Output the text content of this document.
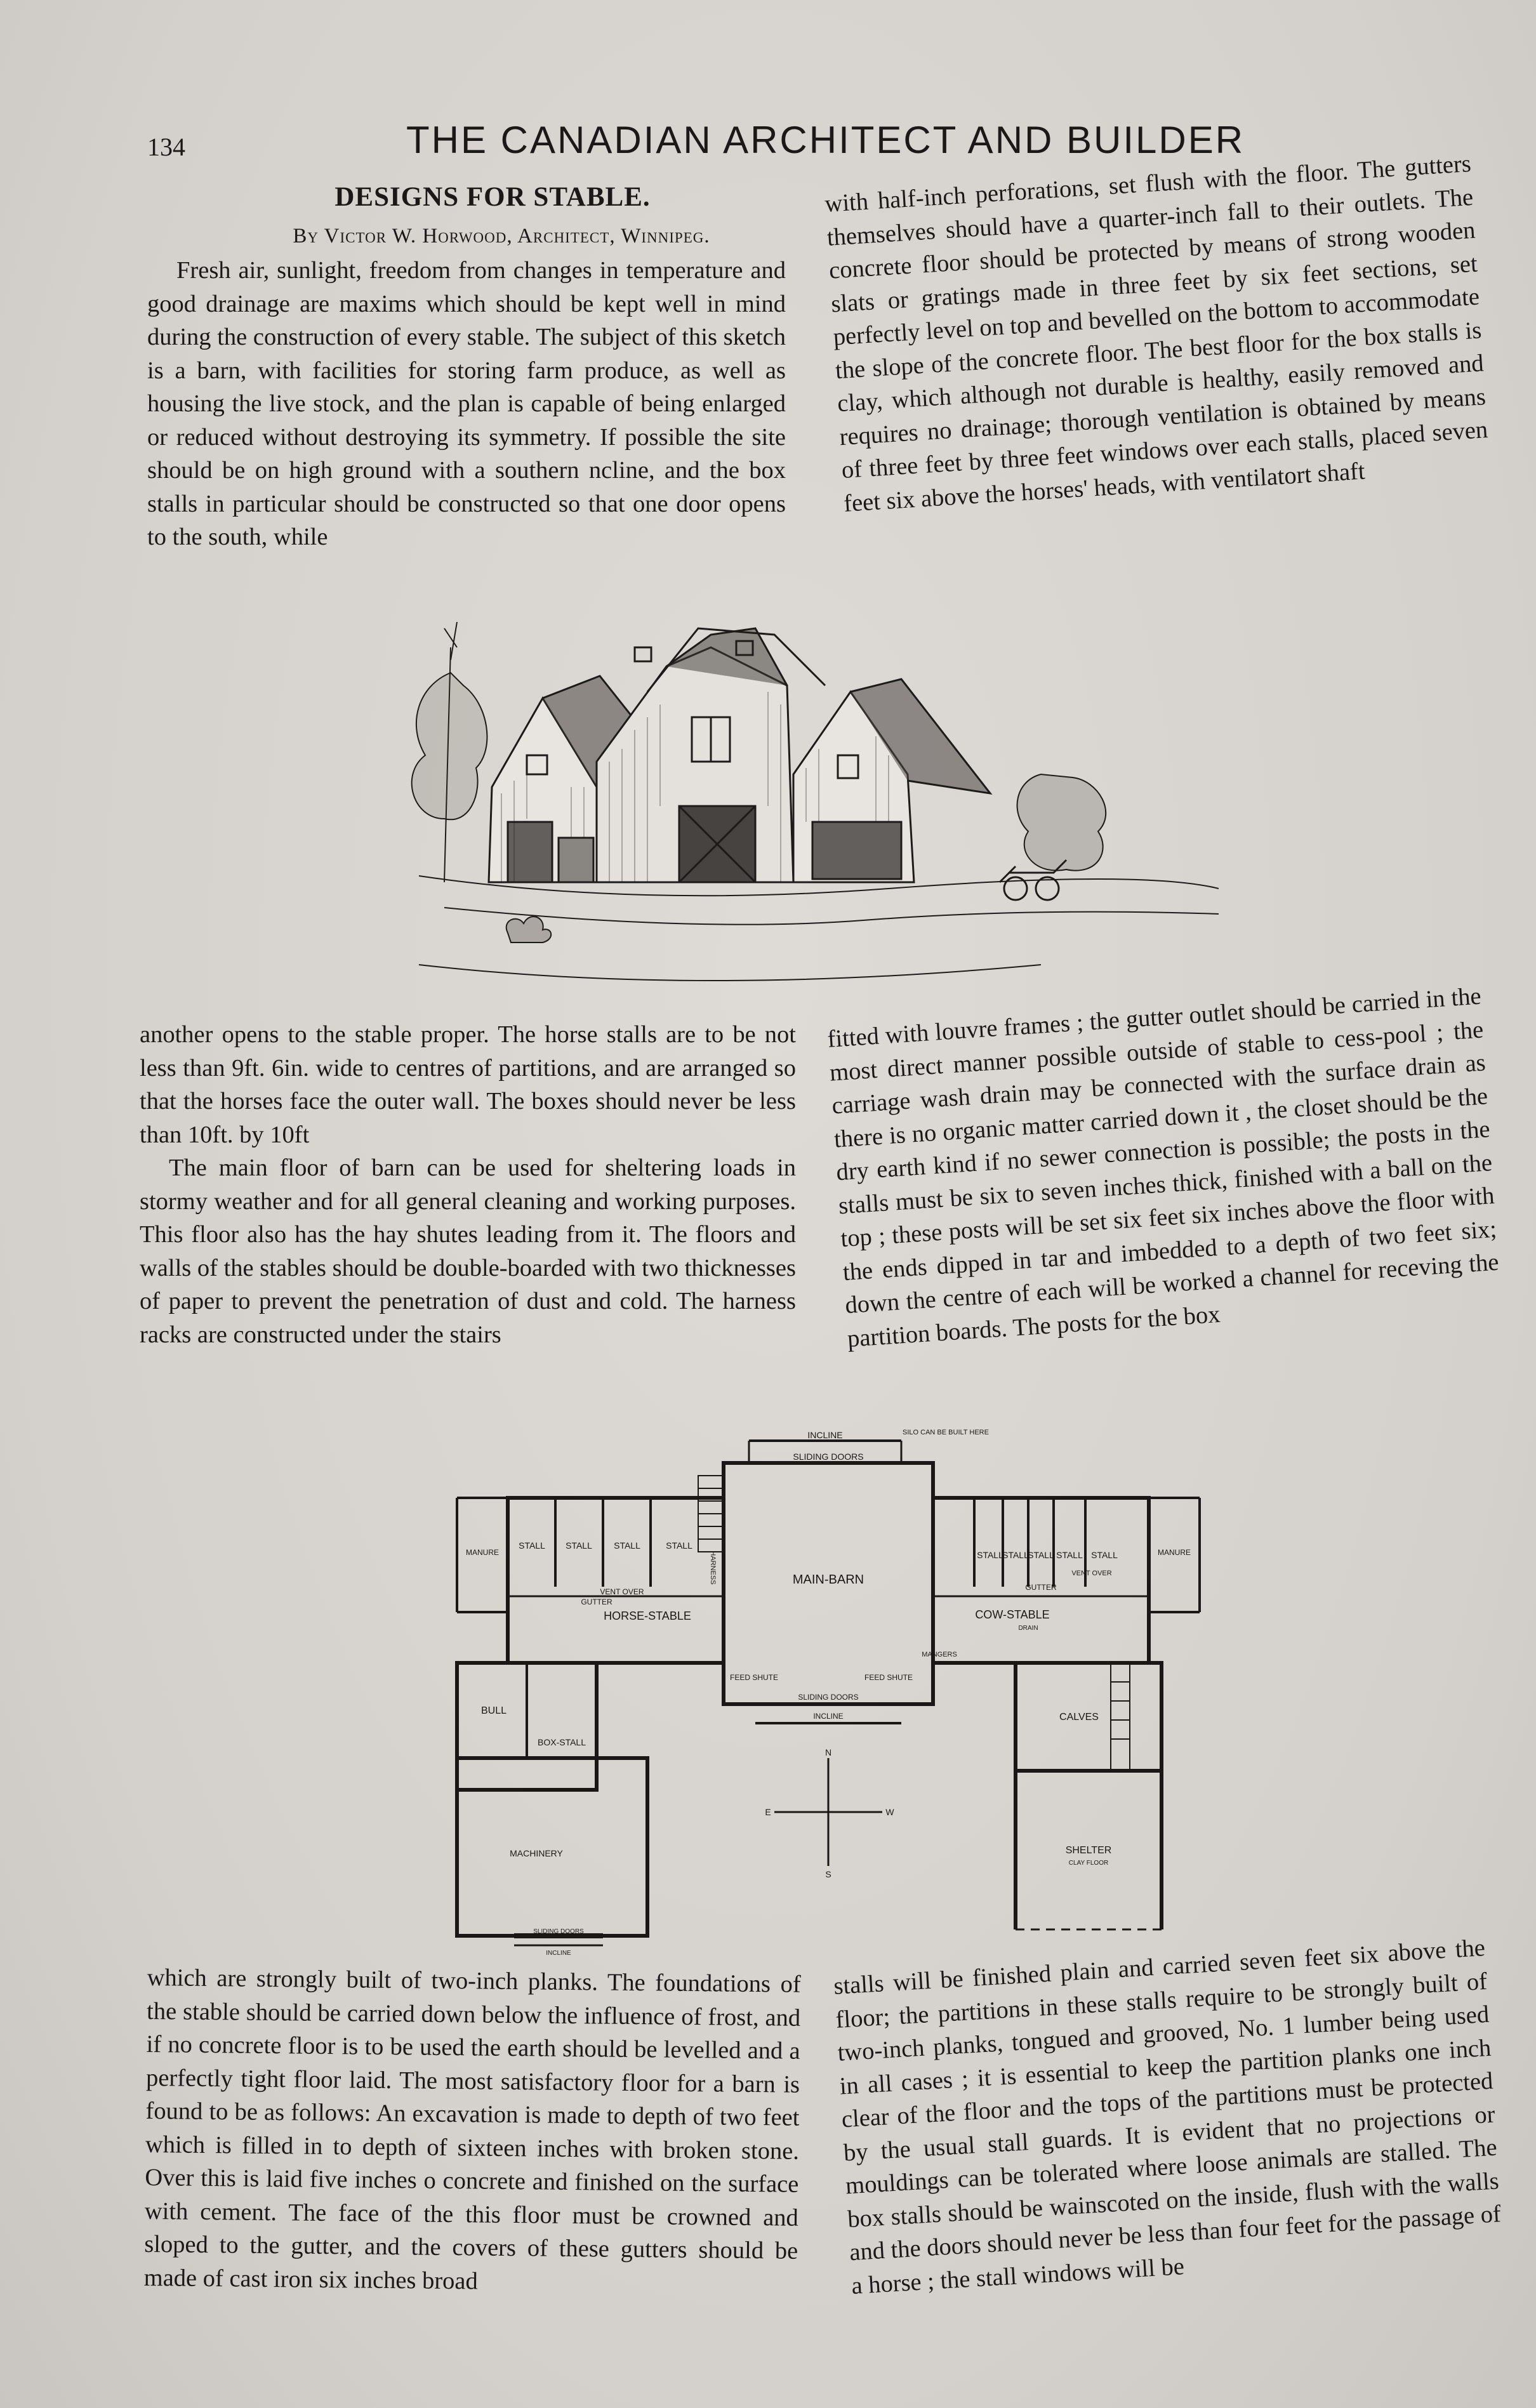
134	THE CANADIAN ARCHITECT AND BUILDER
DESIGNS FOR STABLE.
By Victor W. Horwood, Architect, Winnipeg.

Fresh air, sunlight, freedom from changes in temperature and good drainage are maxims which should be kept well in mind during the construction of every stable. The subject of this sketch is a barn, with facilities for storing farm produce, as well as housing the live stock, and the plan is capable of being enlarged or reduced without destroying its symmetry. If possible the site should be on high ground with a southern ncline, and the box stalls in particular should be constructed so that one door opens to the south, while

with half-inch perforations, set flush with the floor. The gutters themselves should have a quarter-inch fall to their outlets. The concrete floor should be protected by means of strong wooden slats or gratings made in three feet by six feet sections, set perfectly level on top and bevelled on the bottom to accommodate the slope of the concrete floor. The best floor for the box stalls is clay, which although not durable is healthy, easily removed and requires no drainage; thorough ventilation is obtained by means of three feet by three feet windows over each stalls, placed seven feet six above the horses' heads, with ventilatort shaft

another opens to the stable proper. The horse stalls are to be not less than 9ft. 6in. wide to centres of partitions, and are arranged so that the horses face the outer wall. The boxes should never be less than 10ft. by 10ft

The main floor of barn can be used for sheltering loads in stormy weather and for all general cleaning and working purposes. This floor also has the hay shutes leading from it. The floors and walls of the stables should be double-boarded with two thicknesses of paper to prevent the penetration of dust and cold. The harness racks are constructed under the stairs

fitted with louvre frames ; the gutter outlet should be carried in the most direct manner possible outside of stable to cess-pool ; the carriage wash drain may be connected with the surface drain as there is no organic matter carried down it , the closet should be the dry earth kind if no sewer connection is possible; the posts in the stalls must be six to seven inches thick, finished with a ball on the top ; these posts will be set six feet six inches above the floor with the ends dipped in tar and imbedded to a depth of two feet six; down the centre of each will be worked a channel for receving the partition boards. The posts for the box

INCLINE	SILO CAN BE BUILT HERE
SLIDING DOORS
MANURE
STALL STALL STALL	STALL
VENT OVER
GUTTER
HORSE-STABLE
HARNESS	MAIN-BARN
STALL
STALL
STALL STALL STALL
VENT OVER
GUTTER
MANURE
COW-STABLE
DRAIN
FEED SHUTE	FEED SHUTE
SLIDING DOORS
INCLINE
BULL
BOX-STALL
MANGERS
CALVES
MACHINERY
SLIDING DOORS
INCLINE
SHELTER
CLAY FLOOR
N
E	W
S

which are strongly built of two-inch planks. The foundations of the stable should be carried down below the influence of frost, and if no concrete floor is to be used the earth should be levelled and a perfectly tight floor laid. The most satisfactory floor for a barn is found to be as follows: An excavation is made to depth of two feet which is filled in to depth of sixteen inches with broken stone. Over this is laid five inches o concrete and finished on the surface with cement. The face of the this floor must be crowned and sloped to the gutter, and the covers of these gutters should be made of cast iron six inches broad

stalls will be finished plain and carried seven feet six above the floor; the partitions in these stalls require to be strongly built of two-inch planks, tongued and grooved, No. 1 lumber being used in all cases ; it is essential to keep the partition planks one inch clear of the floor and the tops of the partitions must be protected by the usual stall guards. It is evident that no projections or mouldings can be tolerated where loose animals are stalled. The box stalls should be wainscoted on the inside, flush with the walls and the doors should never be less than four feet for the passage of a horse ; the stall windows will be
